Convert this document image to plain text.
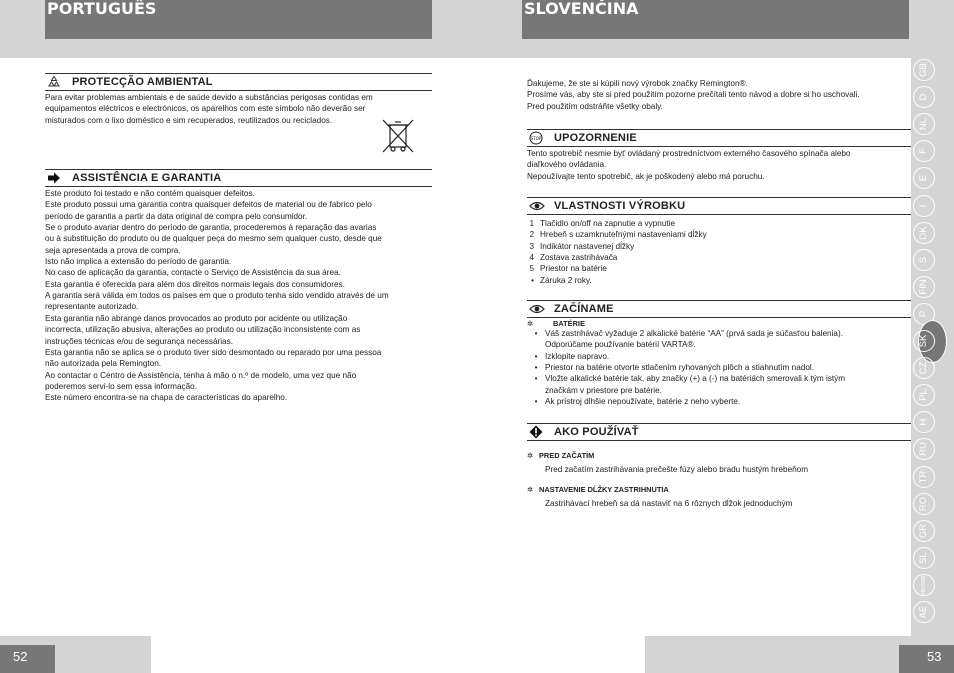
PORTUGUÊS	SLOVENČINA
PROTECÇÃO AMBIENTAL

Para evitar problemas ambientais e de saúde devido a substâncias perigosas contidas em

equipamentos eléctricos e electrónicos, os aparelhos com este símbolo não deverão ser

misturados com o lixo doméstico e sim recuperados, reutilizados ou reciclados.

ASSISTÊNCIA E GARANTIA

Este produto foi testado e não contém quaisquer defeitos.

Este produto possui uma garantia contra quaisquer defeitos de material ou de fabrico pelo

período de garantia a partir da data original de compra pelo consumidor.

Se o produto avariar dentro do período de garantia, procederemos à reparação das avarias

ou à substituição do produto ou de qualquer peça do mesmo sem qualquer custo, desde que

seja apresentada a prova de compra.

Isto não implica a extensão do período de garantia.

No caso de aplicação da garantia, contacte o Serviço de Assistência da sua área.

Esta garantia é oferecida para além dos direitos normais legais dos consumidores.

A garantia será válida em todos os países em que o produto tenha sido vendido através de um

representante autorizado.

Esta garantia não abrange danos provocados ao produto por acidente ou utilização

incorrecta, utilização abusiva, alterações ao produto ou utilização inconsistente com as

instruções técnicas e/ou de segurança necessárias.

Esta garantia não se aplica se o produto tiver sido desmontado ou reparado por uma pessoa

não autorizada pela Remington.

Ao contactar o Centro de Assistência, tenha à mão o n.º de modelo, uma vez que não

poderemos servi-lo sem essa informação.

Este número encontra-se na chapa de características do aparelho.

Ďakujeme, že ste si kúpili nový výrobok značky Remington®.

Prosíme vás, aby ste si pred použitím pozorne prečítali tento návod a dobre si ho uschovali.

Pred použitím odstráňte všetky obaly.

STOP UPOZORNENIE

Tento spotrebič nesmie byť ovládaný prostredníctvom externého časového spínača alebo

diaľkového ovládania.

Nepoužívajte tento spotrebič, ak je poškodený alebo má poruchu.

VLASTNOSTI VÝROBKU
1 Tlačidlo on/off na zapnutie a vypnutie
2 Hrebeň s uzamknuteľnými nastaveniami dĺžky
3 Indikátor nastavenej dĺžky
4 Zostava zastrihávača
5 Priestor na batérie
• Záruka 2 roky.
ZAČÍNAME
✲	BATÉRIE
• Váš zastrihávač vyžaduje 2 alkalické batérie “AA” (prvá sada je súčasťou balenia).
Odporúčame používanie batérií VARTA®.
• Izklopite napravo.
• Priestor na batérie otvorte stlačením ryhovaných plôch a stiahnutím nadol.
• Vložte alkalické batérie tak, aby značky (+) a (-) na batériách smerovali k tým istým
značkám v priestore pre batérie.
• Ak prístroj dlhšie nepoužívate, batérie z neho vyberte.
AKO POUŽÍVAŤ
✲ PRED ZAČATÍM
Pred začatím zastrihávania prečešte fúzy alebo bradu hustým hrebeňom
✲ NASTAVENIE DĹŽKY ZASTRIHNUTIA
Zastrihávací hrebeň sa dá nastaviť na 6 rôznych dĺžok jednoduchým
GB
D
NL
F
E
I
DK
S
FIN
P
SK
CZ
PL
H
RU
TR
RO
GR
SL
HR/SRB
AE
52	53
